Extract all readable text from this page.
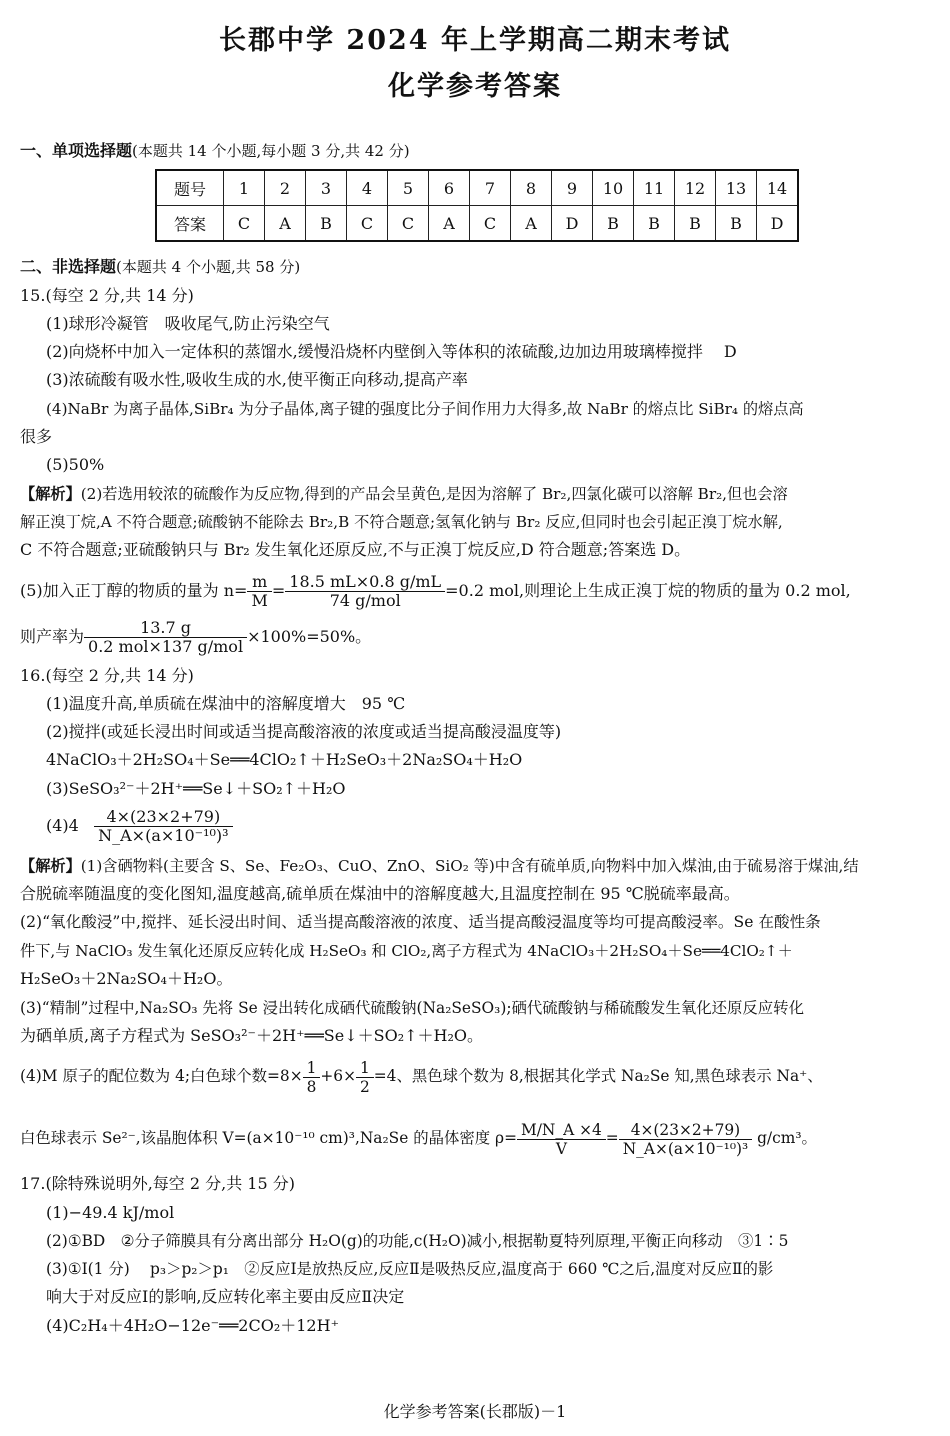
长郡中学 2024 年上学期高二期末考试
化学参考答案
一、单项选择题(本题共 14 个小题,每小题 3 分,共 42 分)
题号	1	2	3	4	5	6	7	8	9	10	11	12	13	14
答案	C	A	B	C	C	A	C	A	D	B	B	B	B	D
二、非选择题(本题共 4 个小题,共 58 分)
15.(每空 2 分,共 14 分)
(1)球形冷凝管　吸收尾气,防止污染空气
(2)向烧杯中加入一定体积的蒸馏水,缓慢沿烧杯内壁倒入等体积的浓硫酸,边加边用玻璃棒搅拌　 D
(3)浓硫酸有吸水性,吸收生成的水,使平衡正向移动,提高产率
(4)NaBr 为离子晶体,SiBr₄ 为分子晶体,离子键的强度比分子间作用力大得多,故 NaBr 的熔点比 SiBr₄ 的熔点高
很多
(5)50%
【解析】(2)若选用较浓的硫酸作为反应物,得到的产品会呈黄色,是因为溶解了 Br₂,四氯化碳可以溶解 Br₂,但也会溶
解正溴丁烷,A 不符合题意;硫酸钠不能除去 Br₂,B 不符合题意;氢氧化钠与 Br₂ 反应,但同时也会引起正溴丁烷水解,
C 不符合题意;亚硫酸钠只与 Br₂ 发生氧化还原反应,不与正溴丁烷反应,D 符合题意;答案选 D。
(5)加入正丁醇的物质的量为 $n= \frac{m}{M} = \frac{18.5 mL\times 0.8 g/mL}{\text{74 g/mol}} =0.2$ mol,则理论上生成正溴丁烷的物质的量为 0.2 mol,
则产率为 $\frac{13.7 g}{\text{0.2 mol×137 g/mol}} \times 100\%=50\%$。
16.(每空 2 分,共 14 分)
(1)温度升高,单质硫在煤油中的溶解度增大　95 ℃
(2)搅拌(或延长浸出时间或适当提高酸溶液的浓度或适当提高酸浸温度等)
4NaClO₃＋2H₂SO₄＋Se══4ClO₂↑＋H₂SeO₃＋2Na₂SO₄＋H₂O
(3)SeSO₃²⁻＋2H⁺══Se↓＋SO₂↑＋H₂O
$(4)4 \frac{4\times(23\times 2+79)}{\text{N\_A×(a×10⁻¹⁰)³}}$
【解析】(1)含硒物料(主要含 S、Se、Fe₂O₃、CuO、ZnO、SiO₂ 等)中含有硫单质,向物料中加入煤油,由于硫易溶于煤油,结
合脱硫率随温度的变化图知,温度越高,硫单质在煤油中的溶解度越大,且温度控制在 95 ℃脱硫率最高。
(2)“氧化酸浸”中,搅拌、延长浸出时间、适当提高酸溶液的浓度、适当提高酸浸温度等均可提高酸浸率。Se 在酸性条
件下,与 NaClO₃ 发生氧化还原反应转化成 H₂SeO₃ 和 ClO₂,离子方程式为 4NaClO₃＋2H₂SO₄＋Se══4ClO₂↑＋
H₂SeO₃＋2Na₂SO₄＋H₂O。
(3)“精制”过程中,Na₂SO₃ 先将 Se 浸出转化成硒代硫酸钠(Na₂SeSO₃);硒代硫酸钠与稀硫酸发生氧化还原反应转化
为硒单质,离子方程式为 SeSO₃²⁻＋2H⁺══Se↓＋SO₂↑＋H₂O。
(4)M 原子的配位数为 4;白色球个数$=8\times \frac{1}{8} +6\times \frac{1}{2} =4$、黑色球个数为 8,根据其化学式 Na₂Se 知,黑色球表示 Na⁺、
白色球表示 Se²⁻,该晶胞体积 V=(a×10⁻¹⁰ cm)³,Na₂Se 的晶体密度 $\rho= \frac{M/N\_A \times 4}{V} = \frac{4\times(23\times 2+79)}{\text{N\_A×(a×10⁻¹⁰)³}} g/cm^3$。
17.(除特殊说明外,每空 2 分,共 15 分)
(1)−49.4 kJ/mol
(2)①BD　②分子筛膜具有分离出部分 H₂O(g)的功能,c(H₂O)减小,根据勒夏特列原理,平衡正向移动　③1∶5
(3)①Ⅰ(1 分)　 p₃＞p₂＞p₁　②反应Ⅰ是放热反应,反应Ⅱ是吸热反应,温度高于 660 ℃之后,温度对反应Ⅱ的影
响大于对反应Ⅰ的影响,反应转化率主要由反应Ⅱ决定
(4)C₂H₄＋4H₂O−12e⁻══2CO₂＋12H⁺
化学参考答案(长郡版)－1
